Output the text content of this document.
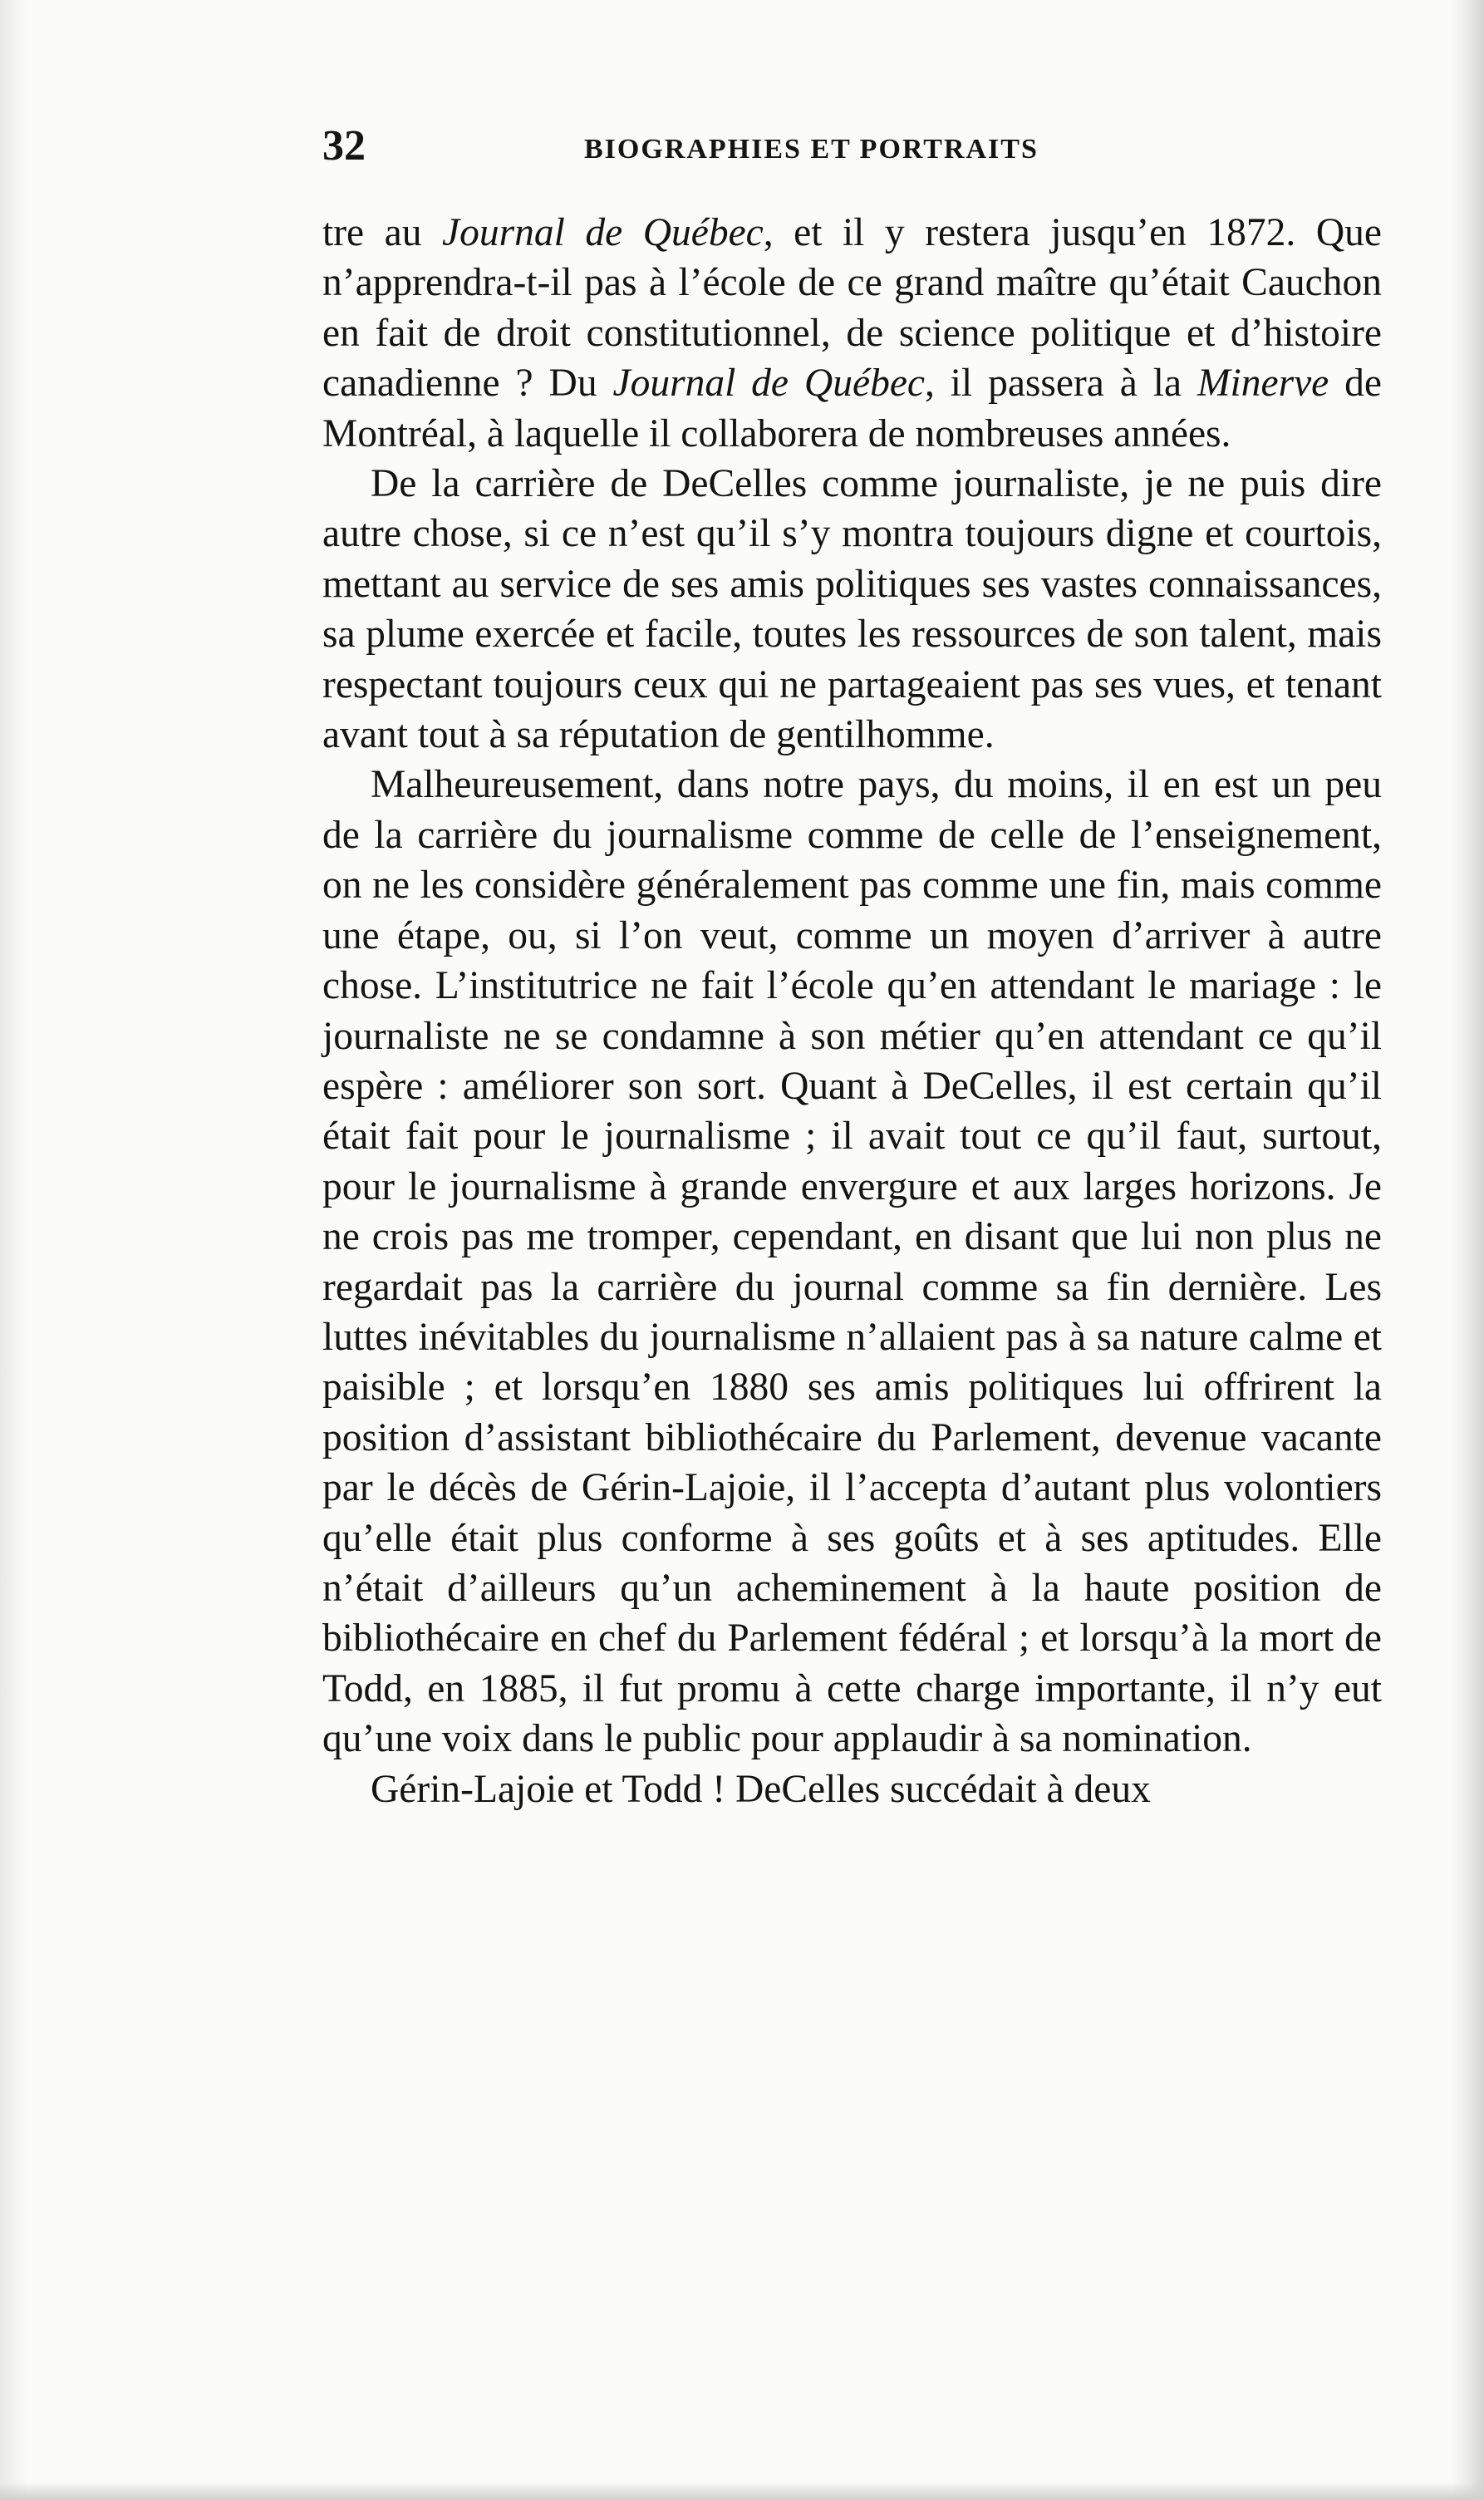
32	BIOGRAPHIES ET PORTRAITS

tre au Journal de Québec, et il y restera jusqu’en 1872. Que n’apprendra-t-il pas à l’école de ce grand maître qu’était Cauchon en fait de droit constitutionnel, de science politique et d’histoire canadienne ? Du Journal de Québec, il passera à la Minerve de Montréal, à laquelle il collaborera de nombreuses années.

De la carrière de DeCelles comme journaliste, je ne puis dire autre chose, si ce n’est qu’il s’y montra toujours digne et courtois, mettant au service de ses amis politiques ses vastes connaissances, sa plume exercée et facile, toutes les ressources de son talent, mais respectant toujours ceux qui ne partageaient pas ses vues, et tenant avant tout à sa réputation de gentilhomme.

Malheureusement, dans notre pays, du moins, il en est un peu de la carrière du journalisme comme de celle de l’enseignement, on ne les considère généralement pas comme une fin, mais comme une étape, ou, si l’on veut, comme un moyen d’arriver à autre chose. L’institutrice ne fait l’école qu’en attendant le mariage : le journaliste ne se condamne à son métier qu’en attendant ce qu’il espère : améliorer son sort. Quant à DeCelles, il est certain qu’il était fait pour le journalisme ; il avait tout ce qu’il faut, surtout, pour le journalisme à grande envergure et aux larges horizons. Je ne crois pas me tromper, cependant, en disant que lui non plus ne regardait pas la carrière du journal comme sa fin dernière. Les luttes inévitables du journalisme n’allaient pas à sa nature calme et paisible ; et lorsqu’en 1880 ses amis politiques lui offrirent la position d’assistant bibliothécaire du Parlement, devenue vacante par le décès de Gérin-Lajoie, il l’accepta d’autant plus volontiers qu’elle était plus conforme à ses goûts et à ses aptitudes. Elle n’était d’ailleurs qu’un acheminement à la haute position de bibliothécaire en chef du Parlement fédéral ; et lorsqu’à la mort de Todd, en 1885, il fut promu à cette charge importante, il n’y eut qu’une voix dans le public pour applaudir à sa nomination.

Gérin-Lajoie et Todd ! DeCelles succédait à deux
